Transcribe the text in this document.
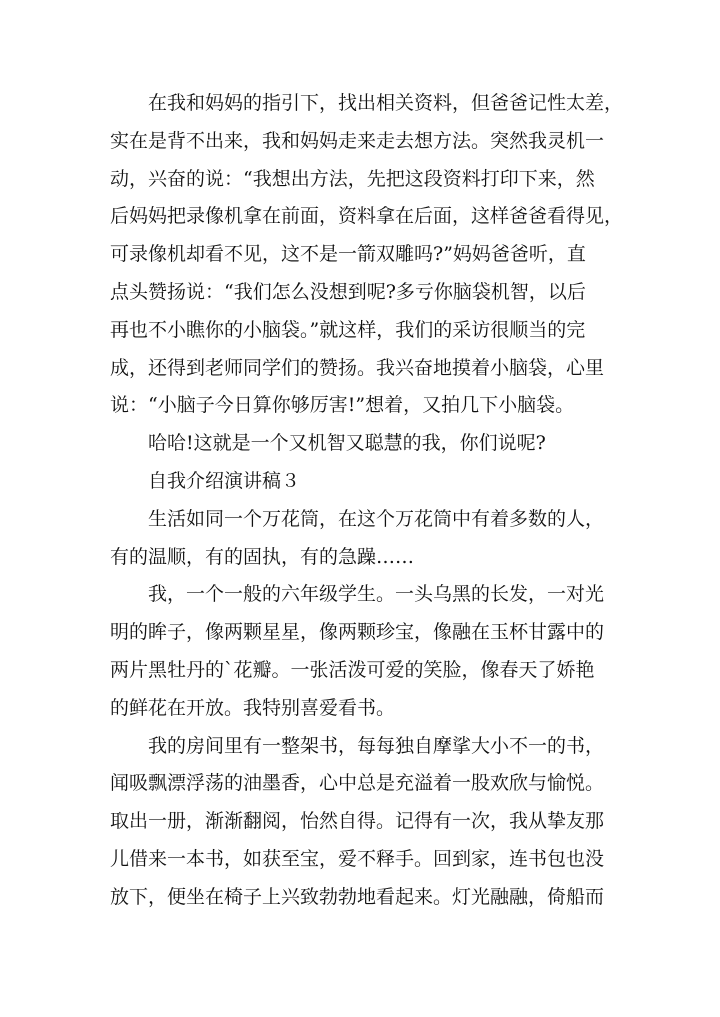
在我和妈妈的指引下，找出相关资料，但爸爸记性太差，
实在是背不出来，我和妈妈走来走去想方法。突然我灵机一
动，兴奋的说：“我想出方法，先把这段资料打印下来，然
后妈妈把录像机拿在前面，资料拿在后面，这样爸爸看得见，
可录像机却看不见，这不是一箭双雕吗?”妈妈爸爸听，直
点头赞扬说：“我们怎么没想到呢?多亏你脑袋机智，以后
再也不小瞧你的小脑袋。”就这样，我们的采访很顺当的完
成，还得到老师同学们的赞扬。我兴奋地摸着小脑袋，心里
说：“小脑子今日算你够厉害!”想着，又拍几下小脑袋。
哈哈!这就是一个又机智又聪慧的我，你们说呢?
自我介绍演讲稿３
生活如同一个万花筒，在这个万花筒中有着多数的人，
有的温顺，有的固执，有的急躁……
我，一个一般的六年级学生。一头乌黑的长发，一对光
明的眸子，像两颗星星，像两颗珍宝，像融在玉杯甘露中的
两片黑牡丹的`花瓣。一张活泼可爱的笑脸，像春天了娇艳
的鲜花在开放。我特别喜爱看书。
我的房间里有一整架书，每每独自摩挲大小不一的书，
闻吸飘漂浮荡的油墨香，心中总是充溢着一股欢欣与愉悦。
取出一册，渐渐翻阅，怡然自得。记得有一次，我从挚友那
儿借来一本书，如获至宝，爱不释手。回到家，连书包也没
放下，便坐在椅子上兴致勃勃地看起来。灯光融融，倚船而
